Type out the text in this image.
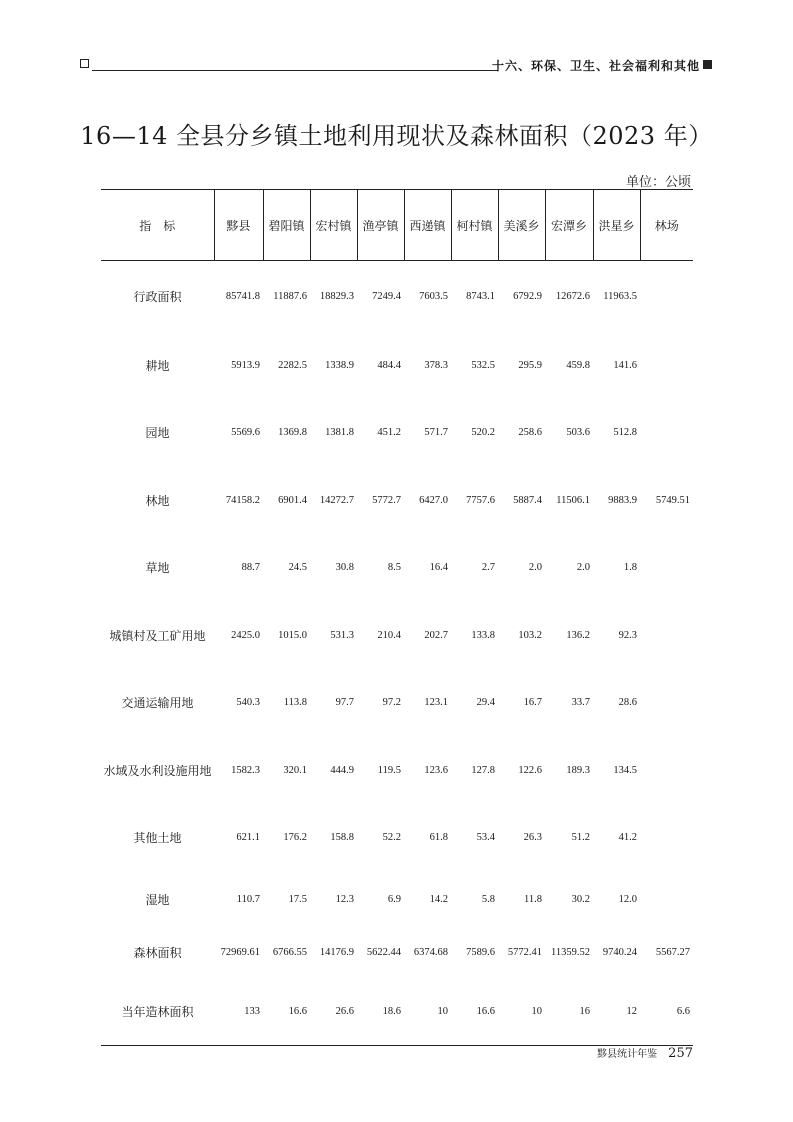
十六、环保、卫生、社会福利和其他
16—14 全县分乡镇土地利用现状及森林面积（2023 年）
单位：公顷
指　标	黟县	碧阳镇	宏村镇	渔亭镇	西递镇	柯村镇	美溪乡	宏潭乡	洪星乡	林场
行政面积	85741.8	11887.6	18829.3	7249.4	7603.5	8743.1	6792.9	12672.6	11963.5	
耕地	5913.9	2282.5	1338.9	484.4	378.3	532.5	295.9	459.8	141.6	
园地	5569.6	1369.8	1381.8	451.2	571.7	520.2	258.6	503.6	512.8	
林地	74158.2	6901.4	14272.7	5772.7	6427.0	7757.6	5887.4	11506.1	9883.9	5749.51
草地	88.7	24.5	30.8	8.5	16.4	2.7	2.0	2.0	1.8	
城镇村及工矿用地	2425.0	1015.0	531.3	210.4	202.7	133.8	103.2	136.2	92.3	
交通运输用地	540.3	113.8	97.7	97.2	123.1	29.4	16.7	33.7	28.6	
水域及水利设施用地	1582.3	320.1	444.9	119.5	123.6	127.8	122.6	189.3	134.5	
其他土地	621.1	176.2	158.8	52.2	61.8	53.4	26.3	51.2	41.2	
湿地	110.7	17.5	12.3	6.9	14.2	5.8	11.8	30.2	12.0	
森林面积	72969.61	6766.55	14176.9	5622.44	6374.68	7589.6	5772.41	11359.52	9740.24	5567.27
当年造林面积	133	16.6	26.6	18.6	10	16.6	10	16	12	6.6
黟县统计年鉴 257
